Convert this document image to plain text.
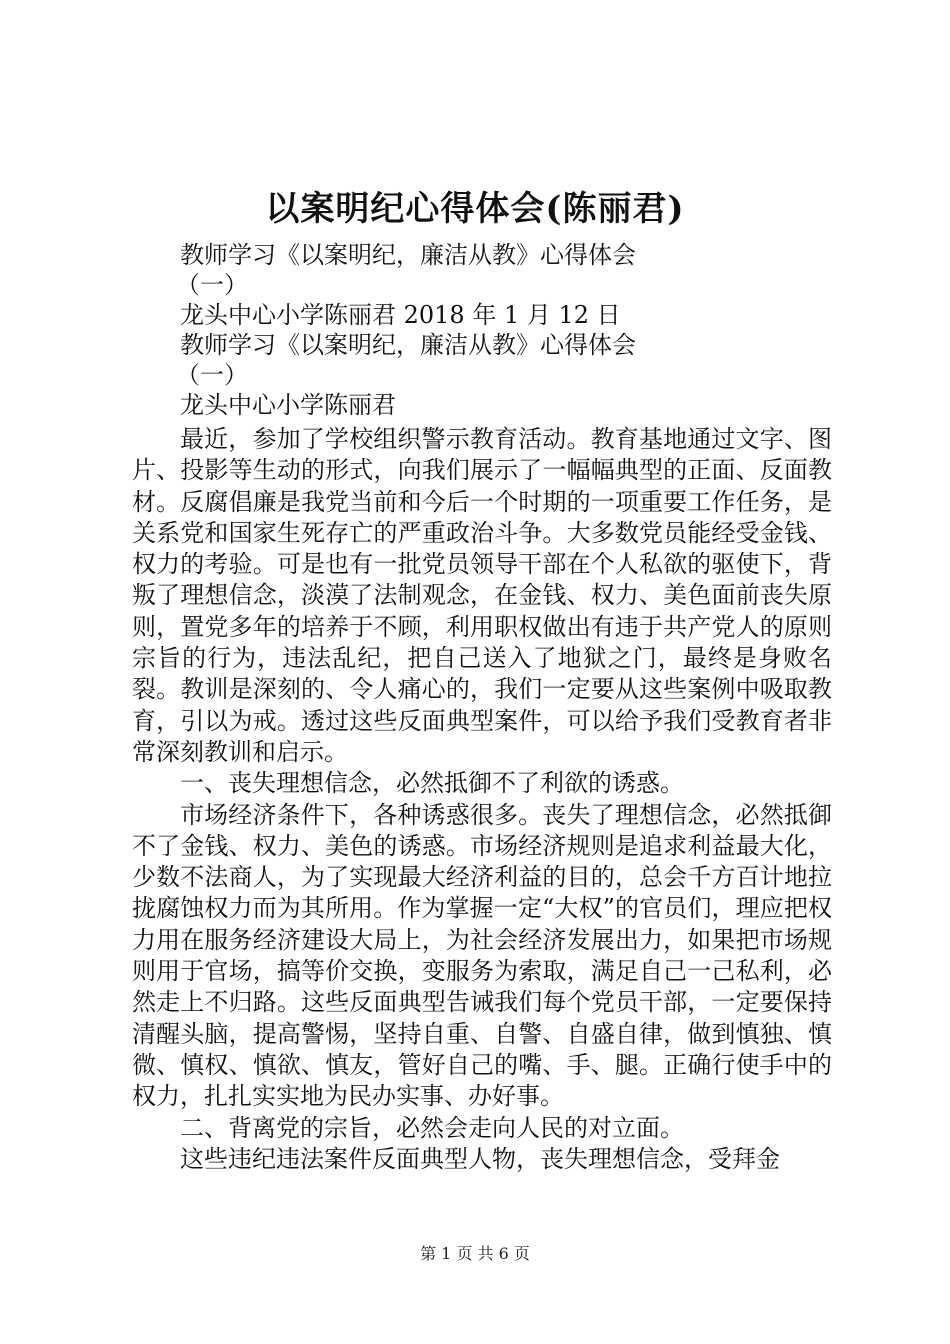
以案明纪心得体会(陈丽君)
教师学习《以案明纪，廉洁从教》心得体会
（一）
龙头中心小学陈丽君 2018 年 1 月 12 日
教师学习《以案明纪，廉洁从教》心得体会
（一）
龙头中心小学陈丽君

最近，参加了学校组织警示教育活动。教育基地通过文字、图片、投影等生动的形式，向我们展示了一幅幅典型的正面、反面教材。反腐倡廉是我党当前和今后一个时期的一项重要工作任务，是关系党和国家生死存亡的严重政治斗争。大多数党员能经受金钱、权力的考验。可是也有一批党员领导干部在个人私欲的驱使下，背叛了理想信念，淡漠了法制观念，在金钱、权力、美色面前丧失原则，置党多年的培养于不顾，利用职权做出有违于共产党人的原则宗旨的行为，违法乱纪，把自己送入了地狱之门，最终是身败名裂。教训是深刻的、令人痛心的，我们一定要从这些案例中吸取教育，引以为戒。透过这些反面典型案件，可以给予我们受教育者非常深刻教训和启示。

一、丧失理想信念，必然抵御不了利欲的诱惑。

市场经济条件下，各种诱惑很多。丧失了理想信念，必然抵御不了金钱、权力、美色的诱惑。市场经济规则是追求利益最大化，少数不法商人，为了实现最大经济利益的目的，总会千方百计地拉拢腐蚀权力而为其所用。作为掌握一定“大权”的官员们，理应把权力用在服务经济建设大局上，为社会经济发展出力，如果把市场规则用于官场，搞等价交换，变服务为索取，满足自己一己私利，必然走上不归路。这些反面典型告诫我们每个党员干部，一定要保持清醒头脑，提高警惕，坚持自重、自警、自盛自律，做到慎独、慎微、慎权、慎欲、慎友，管好自己的嘴、手、腿。正确行使手中的权力，扎扎实实地为民办实事、办好事。

二、背离党的宗旨，必然会走向人民的对立面。

这些违纪违法案件反面典型人物，丧失理想信念，受拜金

第 1 页 共 6 页
